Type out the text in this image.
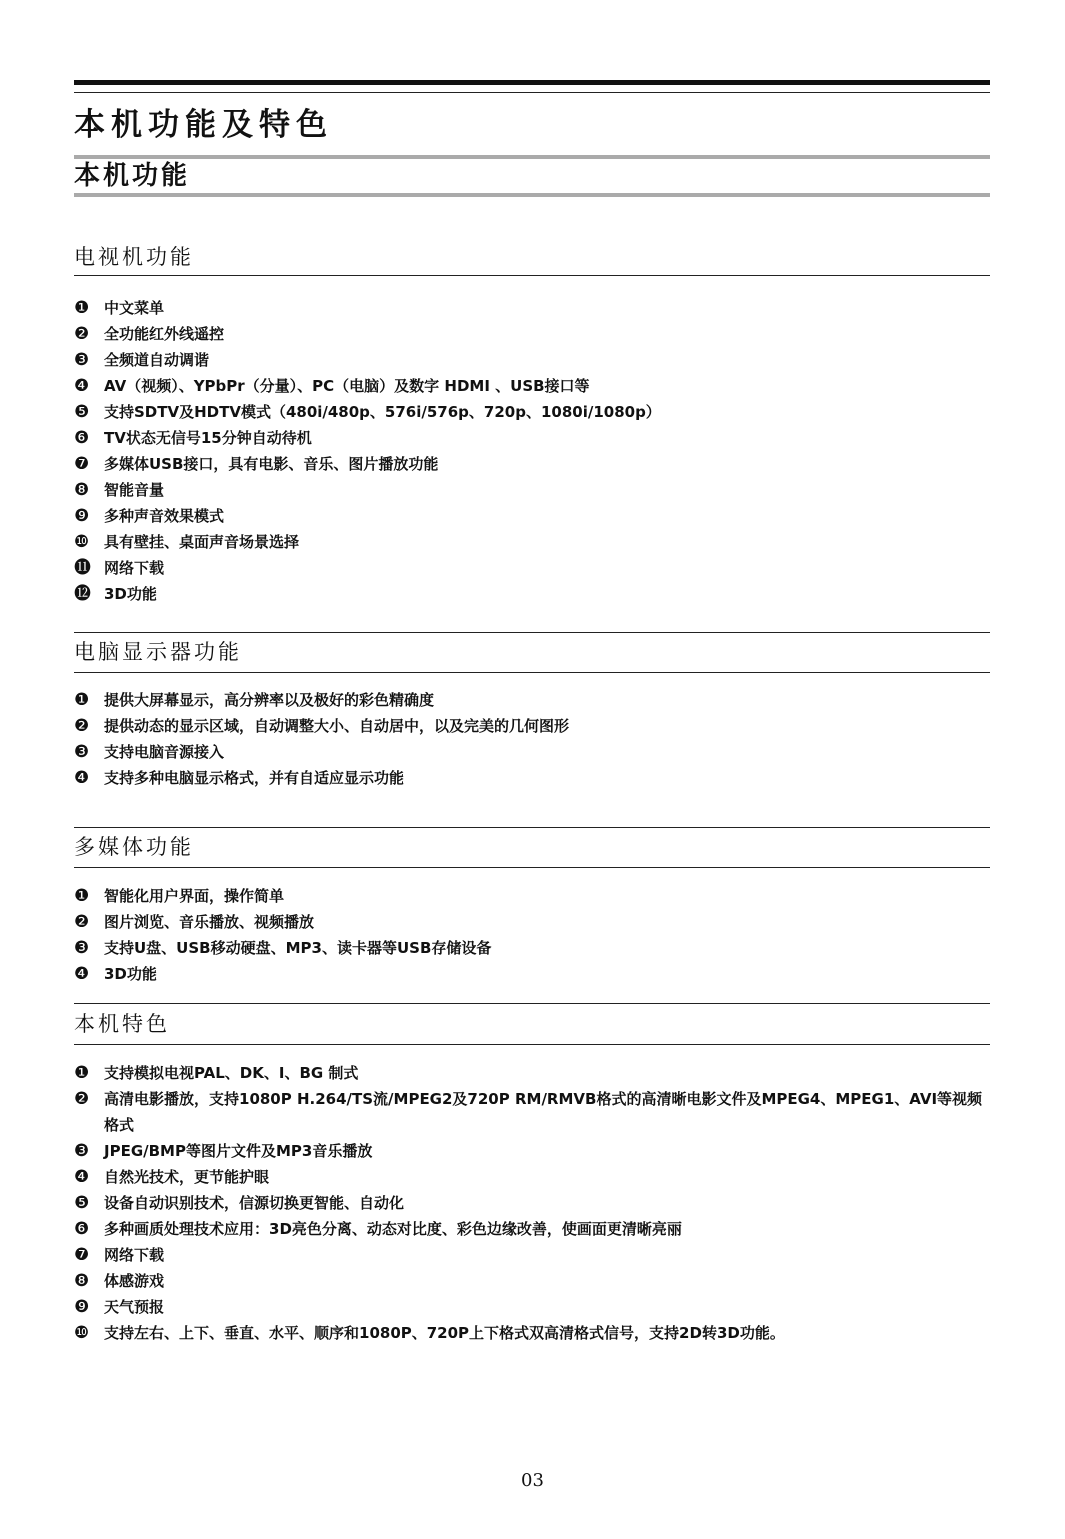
本机功能及特色
本机功能
电视机功能
❶ 中文菜单
❷ 全功能红外线遥控
❸ 全频道自动调谐
❹ AV（视频）、YPbPr（分量）、PC（电脑）及数字 HDMI 、USB接口等
❺ 支持SDTV及HDTV模式（480i/480p、576i/576p、720p、1080i/1080p）
❻ TV状态无信号15分钟自动待机
❼ 多媒体USB接口，具有电影、音乐、图片播放功能
❽ 智能音量
❾ 多种声音效果模式
❿ 具有壁挂、桌面声音场景选择
⓫ 网络下载
⓬ 3D功能
电脑显示器功能
❶ 提供大屏幕显示，高分辨率以及极好的彩色精确度
❷ 提供动态的显示区域，自动调整大小、自动居中，以及完美的几何图形
❸ 支持电脑音源接入
❹ 支持多种电脑显示格式，并有自适应显示功能
多媒体功能
❶ 智能化用户界面，操作简单
❷ 图片浏览、音乐播放、视频播放
❸ 支持U盘、USB移动硬盘、MP3、读卡器等USB存储设备
❹ 3D功能
本机特色
❶ 支持模拟电视PAL、DK、I、BG 制式
❷ 高清电影播放，支持1080P H.264/TS流/MPEG2及720P RM/RMVB格式的高清晰电影文件及MPEG4、MPEG1、AVI等视频格式
❸ JPEG/BMP等图片文件及MP3音乐播放
❹ 自然光技术，更节能护眼
❺ 设备自动识别技术，信源切换更智能、自动化
❻ 多种画质处理技术应用：3D亮色分离、动态对比度、彩色边缘改善，使画面更清晰亮丽
❼ 网络下载
❽ 体感游戏
❾ 天气预报
❿ 支持左右、上下、垂直、水平、顺序和1080P、720P上下格式双高清格式信号，支持2D转3D功能。
03
